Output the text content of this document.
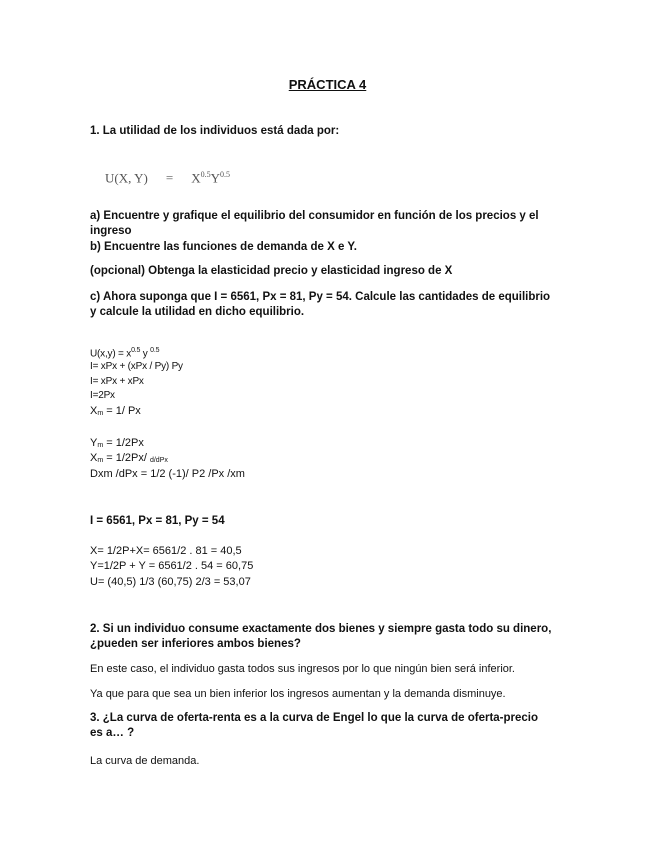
PRÁCTICA 4
1. La utilidad de los individuos está dada por:
U(X, $Y) = X^{0.5}Y^{0.5}$
a) Encuentre y grafique el equilibrio del consumidor en función de los precios y el
ingreso
b) Encuentre las funciones de demanda de X e Y.
(opcional) Obtenga la elasticidad precio y elasticidad ingreso de X
c) Ahora suponga que I = 6561, Px = 81, Py = 54. Calcule las cantidades de equilibrio
y calcule la utilidad en dicho equilibrio.
$U(x,y) = x^{0.5}$ y $^{0.5}$
I= xPx + (xPx / Py) Py
I= xPx + xPx
I=2Px
$X_m = 1/$ Px
$Y_m = 1/2Px$
$X_m = 1/2Px/$ $_{d/dPx}$
Dxm /dPx = 1/2 (-1)/ P2 /Px /xm
I = 6561, Px = 81, Py = 54
X= 1/2P+X= 6561/2 . 81 = 40,5
Y=1/2P + Y = 6561/2 . 54 = 60,75
U= (40,5) 1/3 (60,75) 2/3 = 53,07
2. Si un individuo consume exactamente dos bienes y siempre gasta todo su dinero,
¿pueden ser inferiores ambos bienes?
En este caso, el individuo gasta todos sus ingresos por lo que ningún bien será inferior.
Ya que para que sea un bien inferior los ingresos aumentan y la demanda disminuye.
3. ¿La curva de oferta-renta es a la curva de Engel lo que la curva de oferta-precio
es a… ?
La curva de demanda.
